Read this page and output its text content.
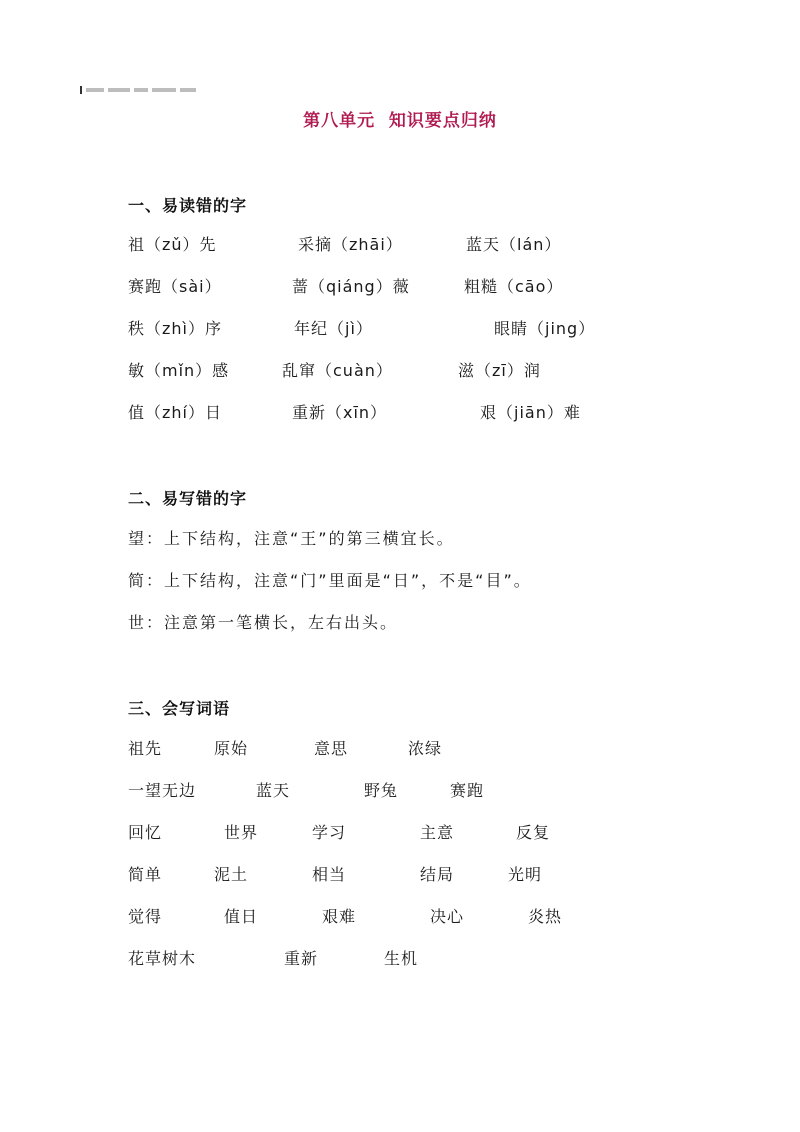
第八单元  知识要点归纳
一、易读错的字
祖（zǔ）先	采摘（zhāi）	蓝天（lán）
赛跑（sài）	蔷（qiáng）薇	粗糙（cāo）
秩（zhì）序	年纪（jì）	眼睛（jing）
敏（mǐn）感	乱窜（cuàn）	滋（zī）润
值（zhí）日	重新（xīn）	艰（jiān）难
二、易写错的字
望：上下结构，注意“王”的第三横宜长。
简：上下结构，注意“门”里面是“日”，不是“目”。
世：注意第一笔横长，左右出头。
三、会写词语
祖先	原始	意思	浓绿
一望无边	蓝天	野兔	赛跑
回忆	世界	学习	主意	反复
简单	泥土	相当	结局	光明
觉得	值日	艰难	决心	炎热
花草树木	重新	生机
